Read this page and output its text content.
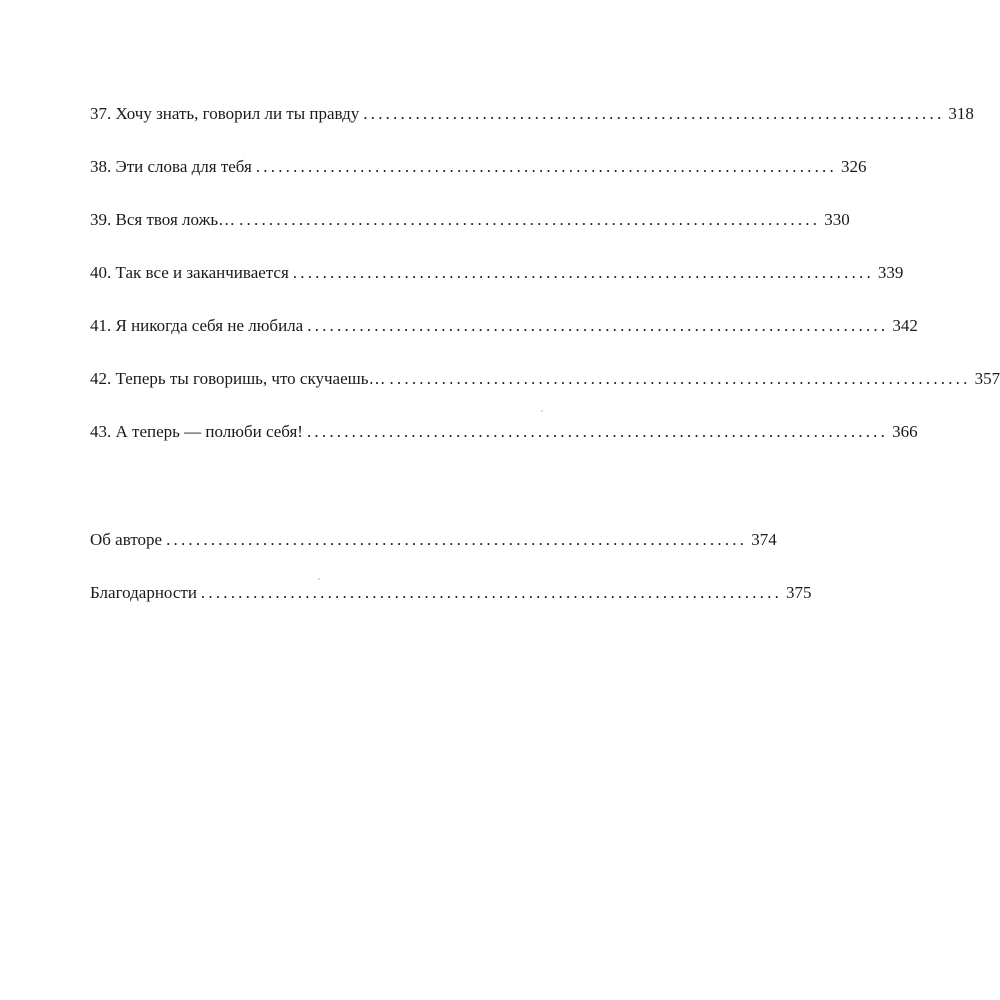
37. Хочу знать, говорил ли ты правду .............................................................................. 318
38. Эти слова для тебя .............................................................................. 326
39. Вся твоя ложь… .............................................................................. 330
40. Так все и заканчивается .............................................................................. 339
41. Я никогда себя не любила .............................................................................. 342
42. Теперь ты говоришь, что скучаешь… .............................................................................. 357
43. А теперь — полюби себя! .............................................................................. 366
Об авторе .............................................................................. 374
Благодарности .............................................................................. 375
